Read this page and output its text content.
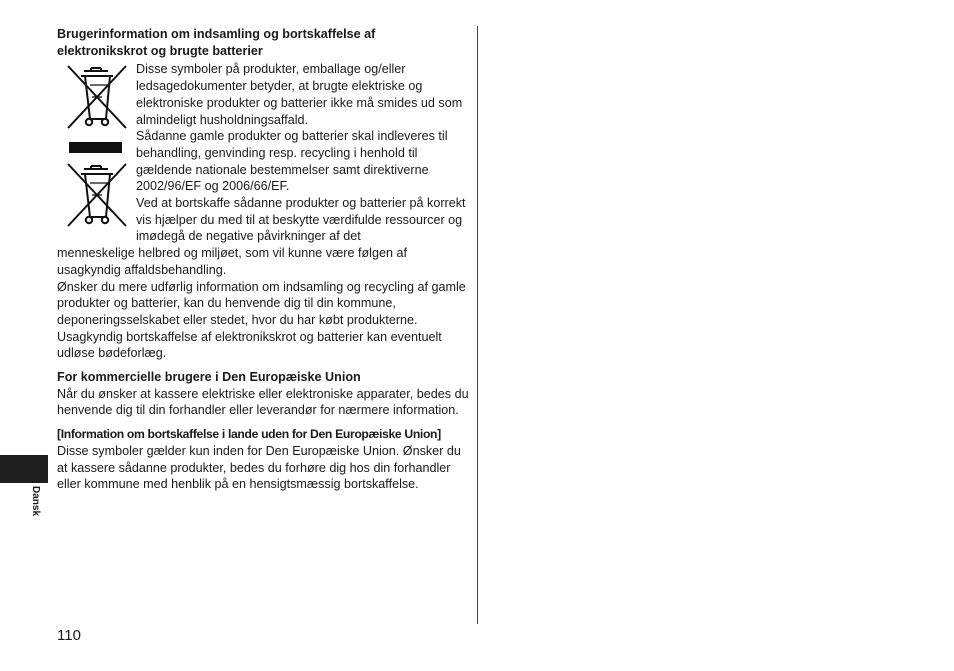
Brugerinformation om indsamling og bortskaffelse af elektronikskrot og brugte batterier

Disse symboler på produkter, emballage og/eller ledsagedokumenter betyder, at brugte elektriske og elektroniske produkter og batterier ikke må smides ud som almindeligt husholdningsaffald.

Sådanne gamle produkter og batterier skal indleveres til behandling, genvinding resp. recycling i henhold til gældende nationale bestemmelser samt direktiverne 2002/96/EF og 2006/66/EF.

Ved at bortskaffe sådanne produkter og batterier på korrekt vis hjælper du med til at beskytte værdifulde ressourcer og imødegå de negative påvirkninger af det

menneskelige helbred og miljøet, som vil kunne være følgen af usagkyndig affaldsbehandling.

Ønsker du mere udførlig information om indsamling og recycling af gamle produkter og batterier, kan du henvende dig til din kommune, deponeringsselskabet eller stedet, hvor du har købt produkterne.

Usagkyndig bortskaffelse af elektronikskrot og batterier kan eventuelt udløse bødeforlæg.

For kommercielle brugere i Den Europæiske Union

Når du ønsker at kassere elektriske eller elektroniske apparater, bedes du henvende dig til din forhandler eller leverandør for nærmere information.

[Information om bortskaffelse i lande uden for Den Europæiske Union]

Disse symboler gælder kun inden for Den Europæiske Union. Ønsker du at kassere sådanne produkter, bedes du forhøre dig hos din forhandler eller kommune med henblik på en hensigtsmæssig bortskaffelse.

Dansk
110
